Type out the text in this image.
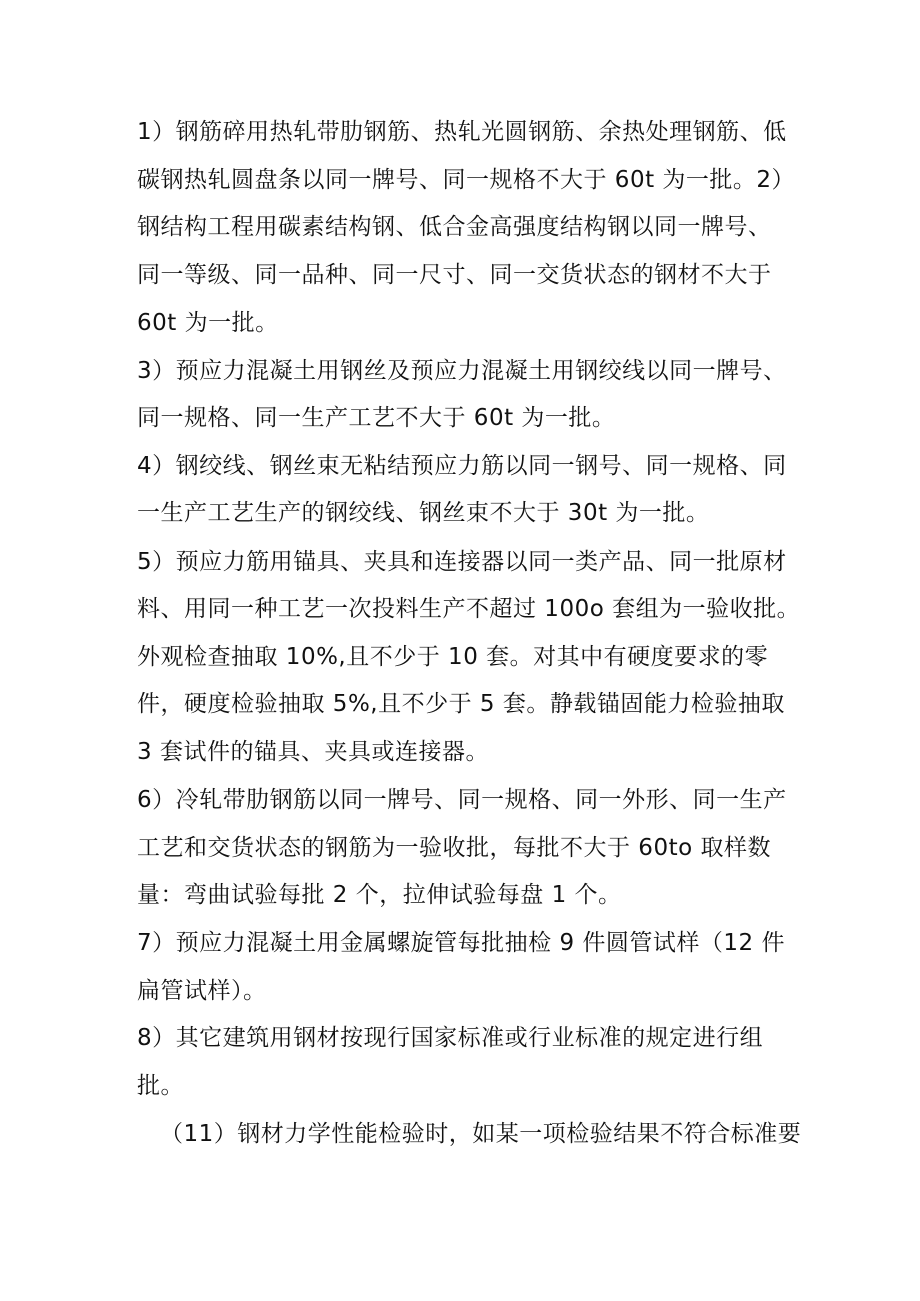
1）钢筋碎用热轧带肋钢筋、热轧光圆钢筋、余热处理钢筋、低
碳钢热轧圆盘条以同一牌号、同一规格不大于 60t 为一批。2）
钢结构工程用碳素结构钢、低合金高强度结构钢以同一牌号、
同一等级、同一品种、同一尺寸、同一交货状态的钢材不大于
60t 为一批。
3）预应力混凝土用钢丝及预应力混凝土用钢绞线以同一牌号、
同一规格、同一生产工艺不大于 60t 为一批。
4）钢绞线、钢丝束无粘结预应力筋以同一钢号、同一规格、同
一生产工艺生产的钢绞线、钢丝束不大于 30t 为一批。
5）预应力筋用锚具、夹具和连接器以同一类产品、同一批原材
料、用同一种工艺一次投料生产不超过 100o 套组为一验收批。
外观检查抽取 10%,且不少于 10 套。对其中有硬度要求的零
件，硬度检验抽取 5%,且不少于 5 套。静载锚固能力检验抽取
3 套试件的锚具、夹具或连接器。
6）冷轧带肋钢筋以同一牌号、同一规格、同一外形、同一生产
工艺和交货状态的钢筋为一验收批，每批不大于 60to 取样数
量：弯曲试验每批 2 个，拉伸试验每盘 1 个。
7）预应力混凝土用金属螺旋管每批抽检 9 件圆管试样（12 件
扁管试样）。
8）其它建筑用钢材按现行国家标准或行业标准的规定进行组
批。
（11）钢材力学性能检验时，如某一项检验结果不符合标准要
